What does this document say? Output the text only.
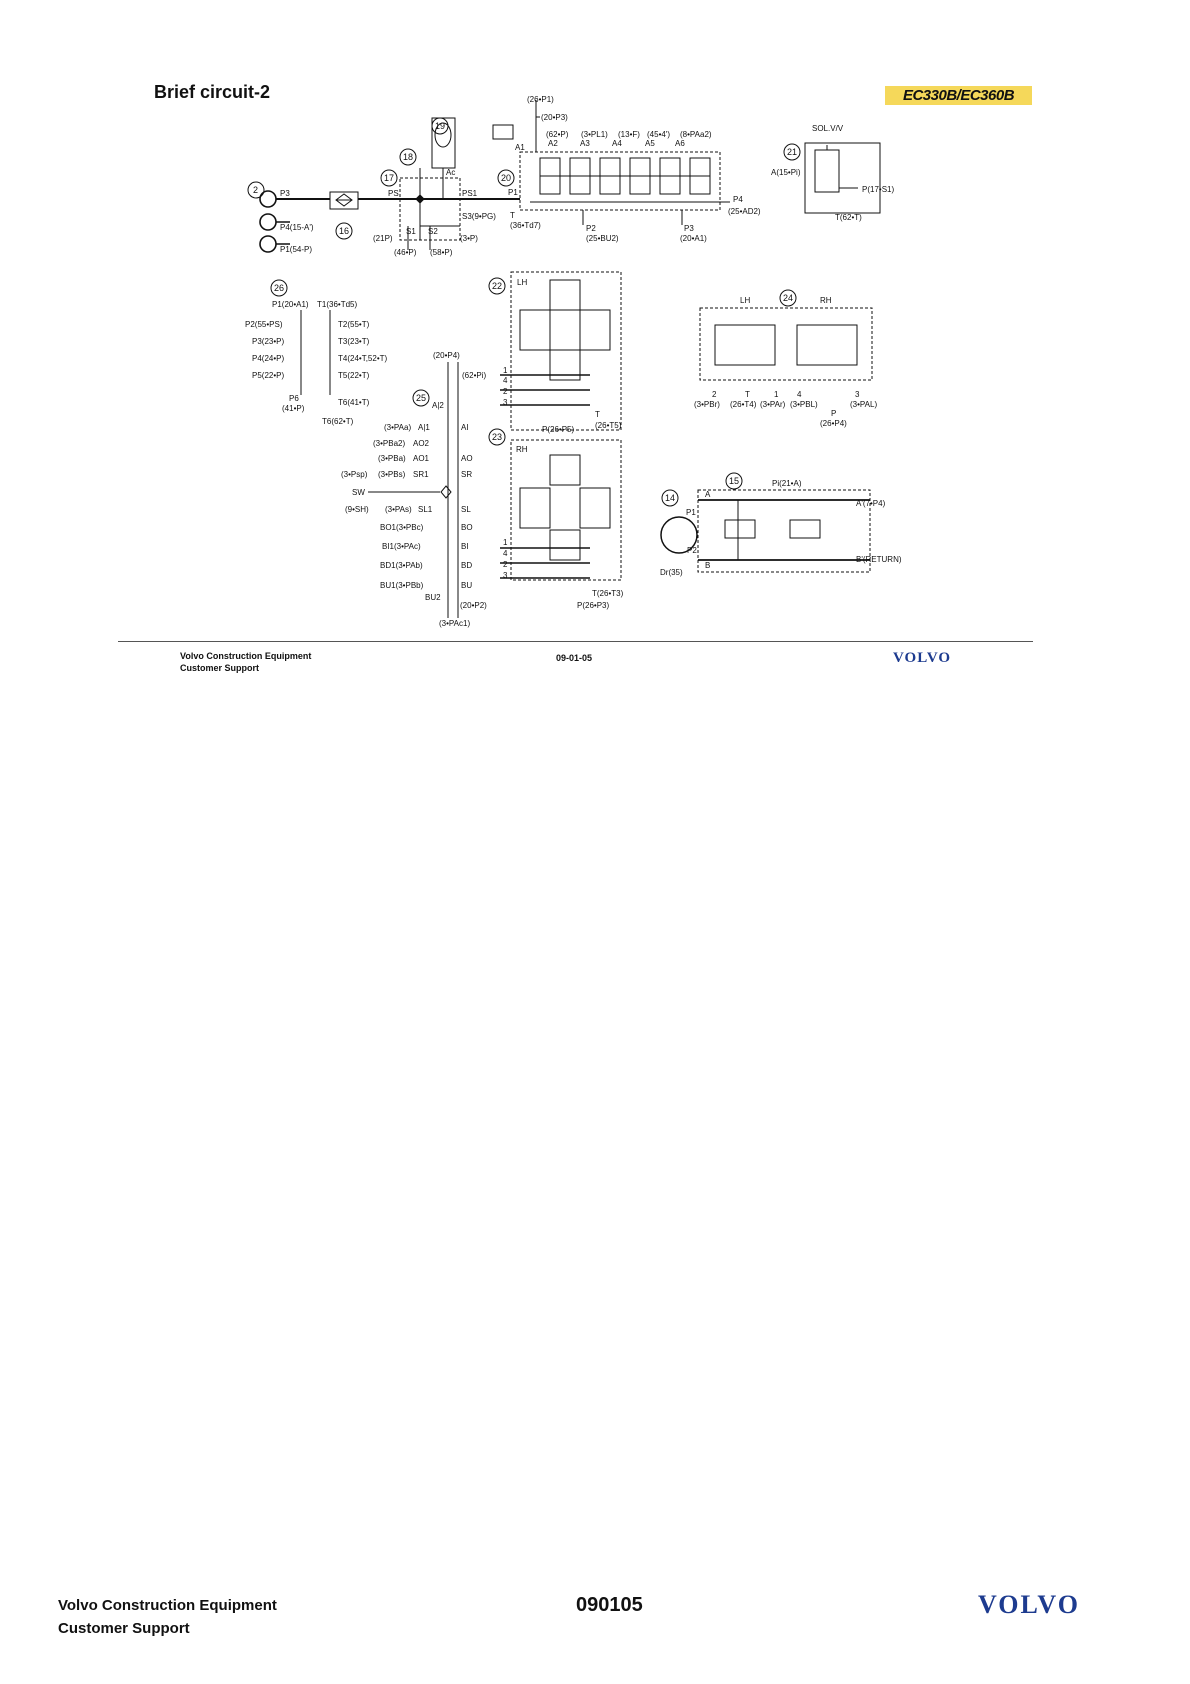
Brief circuit-2	EC330B/EC360B
2	P3
P4(15-A')
P1(54-P)
16
17
18
19
PS	PS1
Ac
S3(9•PG)
S1 S2
(21P)
(46•P)
(3•P)
(58•P)
20
(26•P1)
(20•P3)
(62•P) (3•PL1) (13•F) (45•4') (8•PAa2)
A1	A2	A3	A4	A5	A6
P1
T
(36•Td7)	P2
(25•BU2)
P3
(20•A1)
P4
(25•AD2)
21
SOL.V/V
A(15•Pi)
P(17•S1)
T(62•T)
26
P1(20•A1) T1(36•Td5)
P2(55•PS)	T2(55•T)
P3(23•P)	T3(23•T)
P4(24•P)	T4(24•T,52•T)
P5(22•P)	T5(22•T)
P6
(41•P)
T6(41•T)
T6(62•T)
25
(20•P4)
(62•Pi)
A|2
(3•PAa) A|1
(3•PBa2) AO2
(3•PBa) AO1
(3•Psp) (3•PBs) SR1
SW
(9•SH) (3•PAs) SL1
BO1(3•PBc)
BI1(3•PAc)
BD1(3•PAb)
BU1(3•PBb)
BU2
(20•P2)
(3•PAc1)
AI
AO
SR
SL
BO
BI
BD
BU
22 LH
1
4
2
3
T
(26•T5)
23
RH
P(26•P5)
1
4
2
3
T(26•T3)
P(26•P3)
24
LH	RH
2	T	1 4	3
(3•PBr) (26•T4) (3•PAr) (3•PBL)	(3•PAL)
P
(26•P4)
14
15	Pi(21•A)
A
A'(7•P4)
P1
P2
B
B'(RETURN)
Dr(35)
Volvo Construction Equipment
Customer Support
09-01-05	VOLVO
Volvo Construction Equipment
Customer Support
090105	VOLVO
